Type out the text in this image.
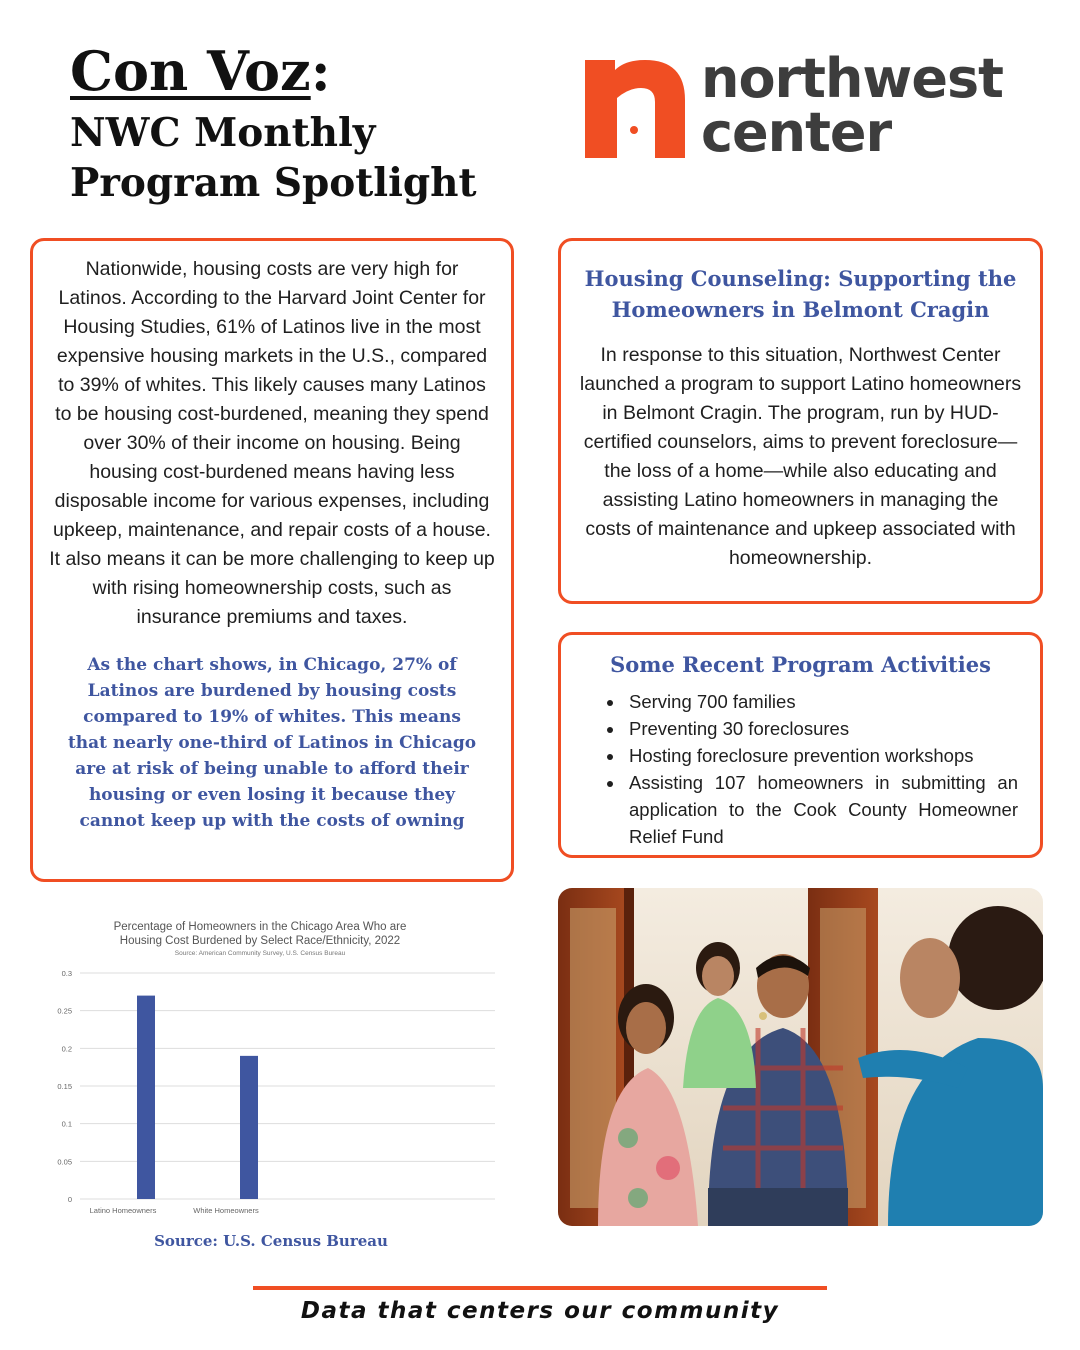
Con Voz:
NWC Monthly Program Spotlight
northwest
center

Nationwide, housing costs are very high for Latinos. According to the Harvard Joint Center for Housing Studies, 61% of Latinos live in the most expensive housing markets in the U.S., compared to 39% of whites. This likely causes many Latinos to be housing cost-burdened, meaning they spend over 30% of their income on housing. Being housing cost-burdened means having less disposable income for various expenses, including upkeep, maintenance, and repair costs of a house. It also means it can be more challenging to keep up with rising homeownership costs, such as insurance premiums and taxes.

As the chart shows, in Chicago, 27% of Latinos are burdened by housing costs compared to 19% of whites. This means that nearly one-third of Latinos in Chicago are at risk of being unable to afford their housing or even losing it because they cannot keep up with the costs of owning
Housing Counseling: Supporting the Homeowners in Belmont Cragin
In response to this situation, Northwest Center launched a program to support Latino homeowners in Belmont Cragin. The program, run by HUD-certified counselors, aims to prevent foreclosure—the loss of a home—while also educating and assisting Latino homeowners in managing the costs of maintenance and upkeep associated with homeownership.
Some Recent Program Activities
• Serving 700 families
• Preventing 30 foreclosures
• Hosting foreclosure prevention workshops
• Assisting 107 homeowners in submitting an application to the Cook County Homeowner Relief Fund
Percentage of Homeowners in the Chicago Area Who are
Housing Cost Burdened by Select Race/Ethnicity, 2022
Source: American Community Survey, U.S. Census Bureau
0
0.05
0.1
0.15
0.2
0.25
0.3
Latino Homeowners	White Homeowners
Source: U.S. Census Bureau
Data that centers our community
